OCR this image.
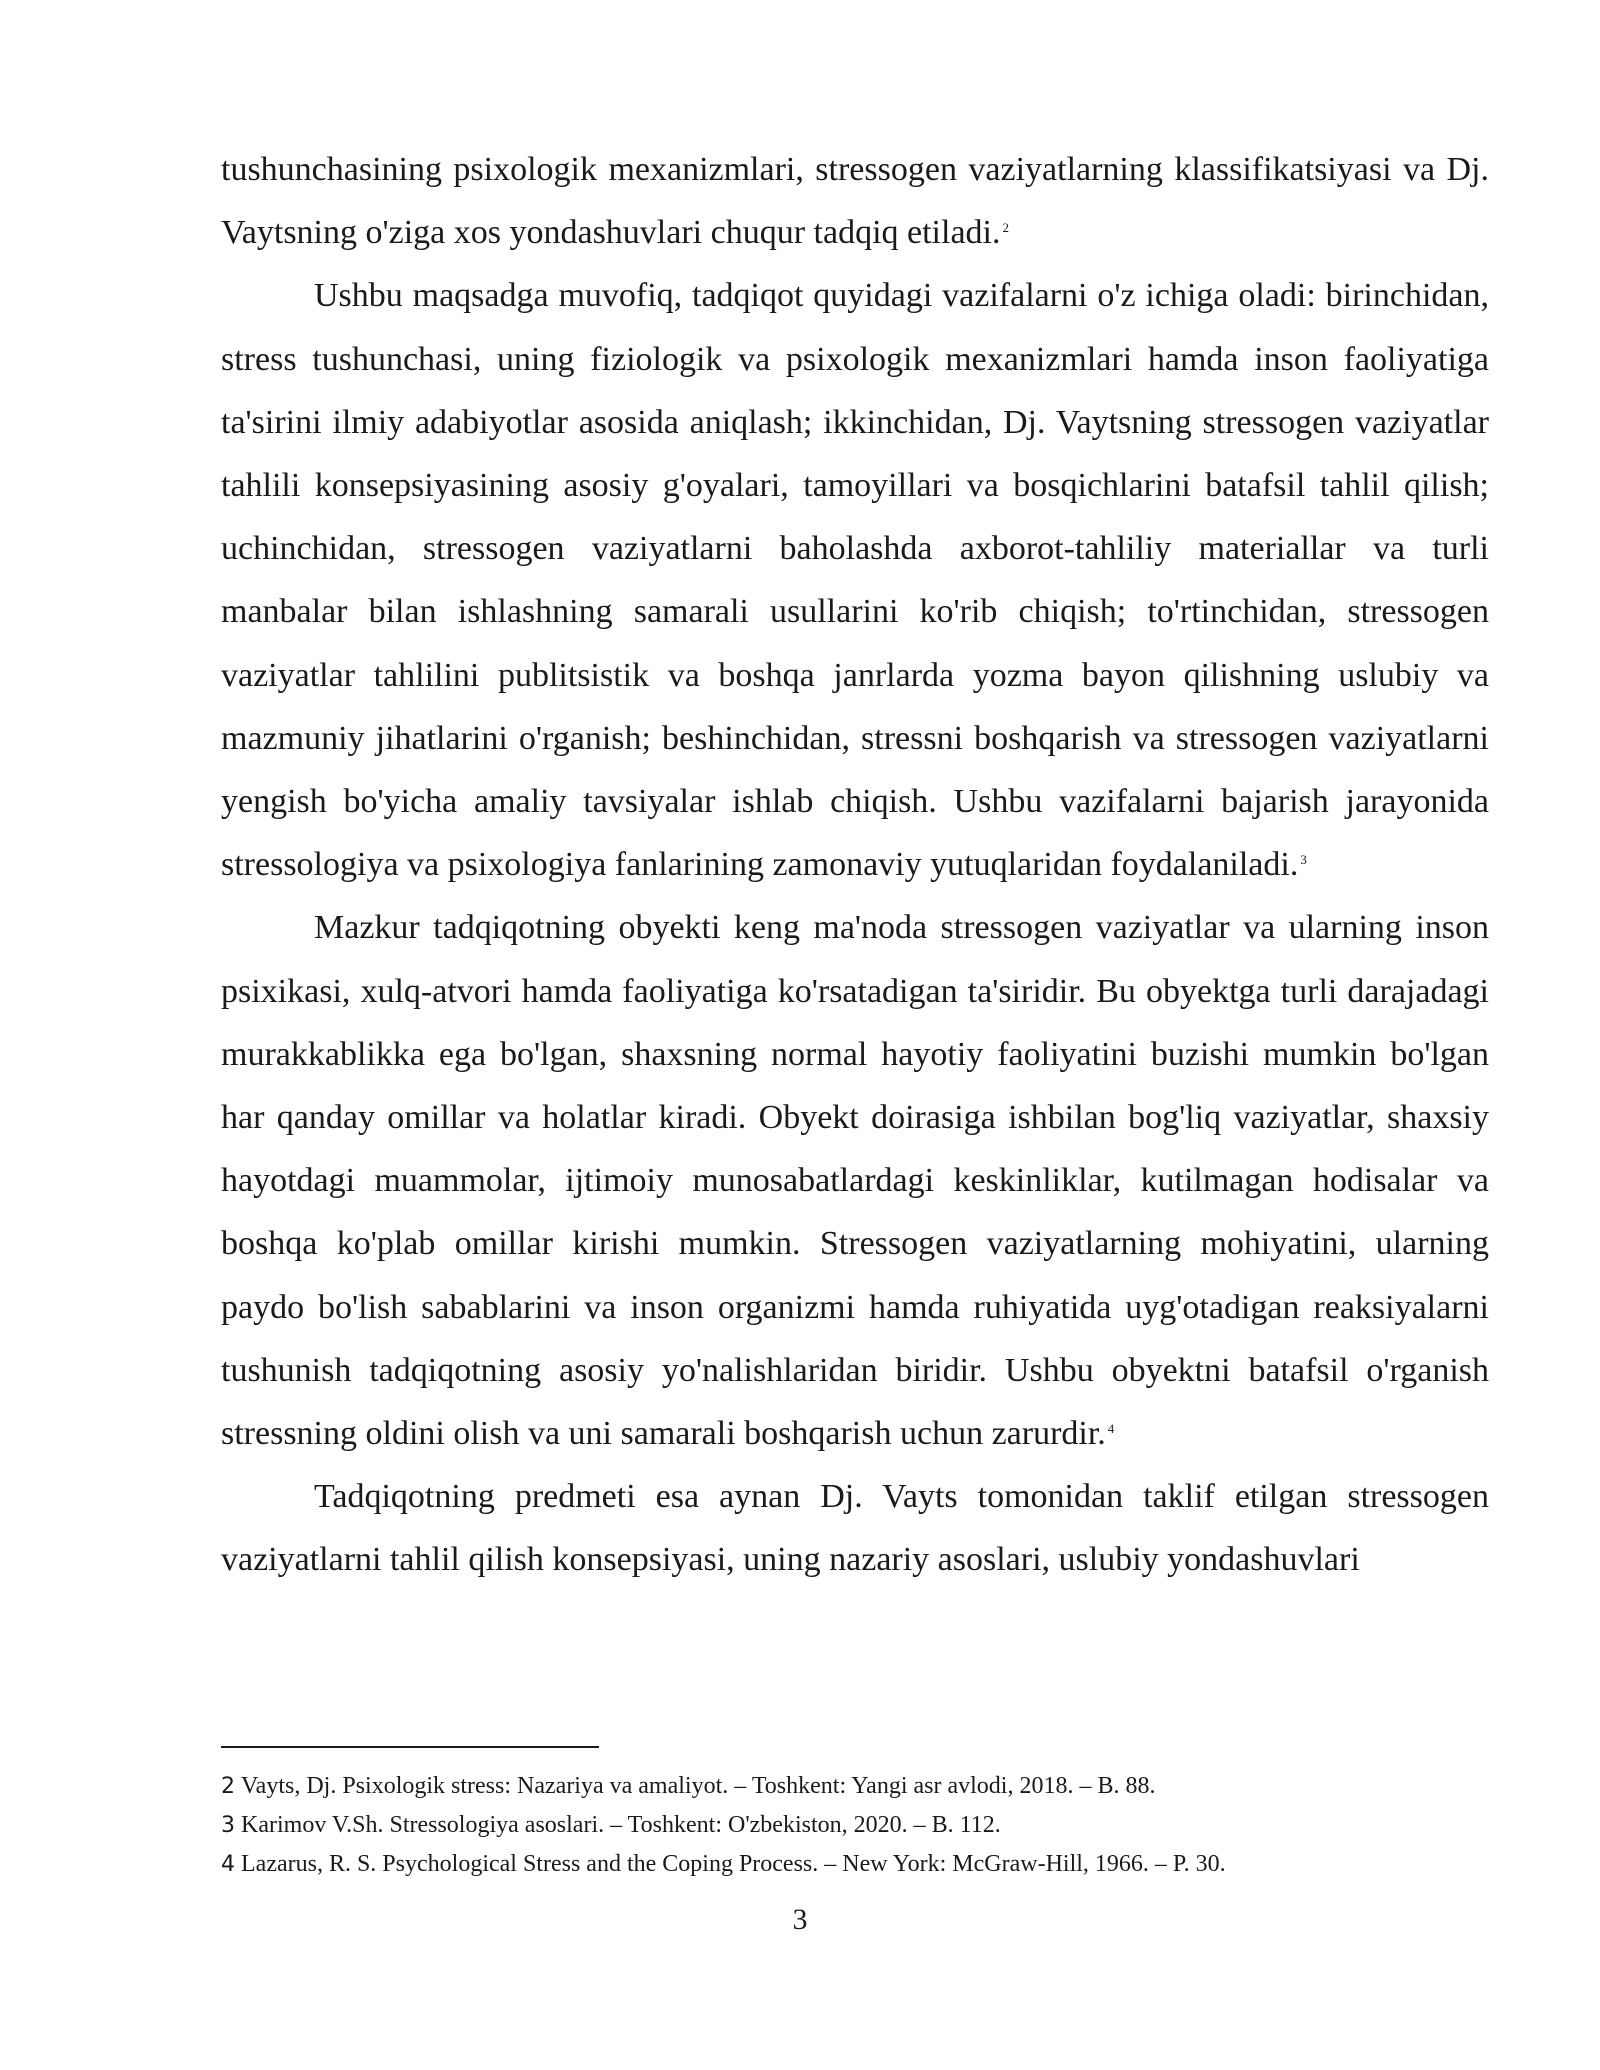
tushunchasining psixologik mexanizmlari, stressogen vaziyatlarning klassifikatsiyasi va Dj. Vaytsning o'ziga xos yondashuvlari chuqur tadqiq etiladi. $^2$

Ushbu maqsadga muvofiq, tadqiqot quyidagi vazifalarni o'z ichiga oladi: birinchidan, stress tushunchasi, uning fiziologik va psixologik mexanizmlari hamda inson faoliyatiga ta'sirini ilmiy adabiyotlar asosida aniqlash; ikkinchidan, Dj. Vaytsning stressogen vaziyatlar tahlili konsepsiyasining asosiy g'oyalari, tamoyillari va bosqichlarini batafsil tahlil qilish; uchinchidan, stressogen vaziyatlarni baholashda axborot-tahliliy materiallar va turli manbalar bilan ishlashning samarali usullarini ko'rib chiqish; to'rtinchidan, stressogen vaziyatlar tahlilini publitsistik va boshqa janrlarda yozma bayon qilishning uslubiy va mazmuniy jihatlarini o'rganish; beshinchidan, stressni boshqarish va stressogen vaziyatlarni yengish bo'yicha amaliy tavsiyalar ishlab chiqish. Ushbu vazifalarni bajarish jarayonida stressologiya va psixologiya fanlarining zamonaviy yutuqlaridan foydalaniladi. $^3$

Mazkur tadqiqotning obyekti keng ma'noda stressogen vaziyatlar va ularning inson psixikasi, xulq-atvori hamda faoliyatiga ko'rsatadigan ta'siridir. Bu obyektga turli darajadagi murakkablikka ega bo'lgan, shaxsning normal hayotiy faoliyatini buzishi mumkin bo'lgan har qanday omillar va holatlar kiradi. Obyekt doirasiga ishbilan bog'liq vaziyatlar, shaxsiy hayotdagi muammolar, ijtimoiy munosabatlardagi keskinliklar, kutilmagan hodisalar va boshqa ko'plab omillar kirishi mumkin. Stressogen vaziyatlarning mohiyatini, ularning paydo bo'lish sabablarini va inson organizmi hamda ruhiyatida uyg'otadigan reaksiyalarni tushunish tadqiqotning asosiy yo'nalishlaridan biridir. Ushbu obyektni batafsil o'rganish stressning oldini olish va uni samarali boshqarish uchun zarurdir. $^4$

Tadqiqotning predmeti esa aynan Dj. Vayts tomonidan taklif etilgan stressogen vaziyatlarni tahlil qilish konsepsiyasi, uning nazariy asoslari, uslubiy yondashuvlari

2 Vayts, Dj. Psixologik stress: Nazariya va amaliyot. – Toshkent: Yangi asr avlodi, 2018. – B. 88.

3 Karimov V.Sh. Stressologiya asoslari. – Toshkent: O'zbekiston, 2020. – B. 112.

4 Lazarus, R. S. Psychological Stress and the Coping Process. – New York: McGraw-Hill, 1966. – P. 30.

3
